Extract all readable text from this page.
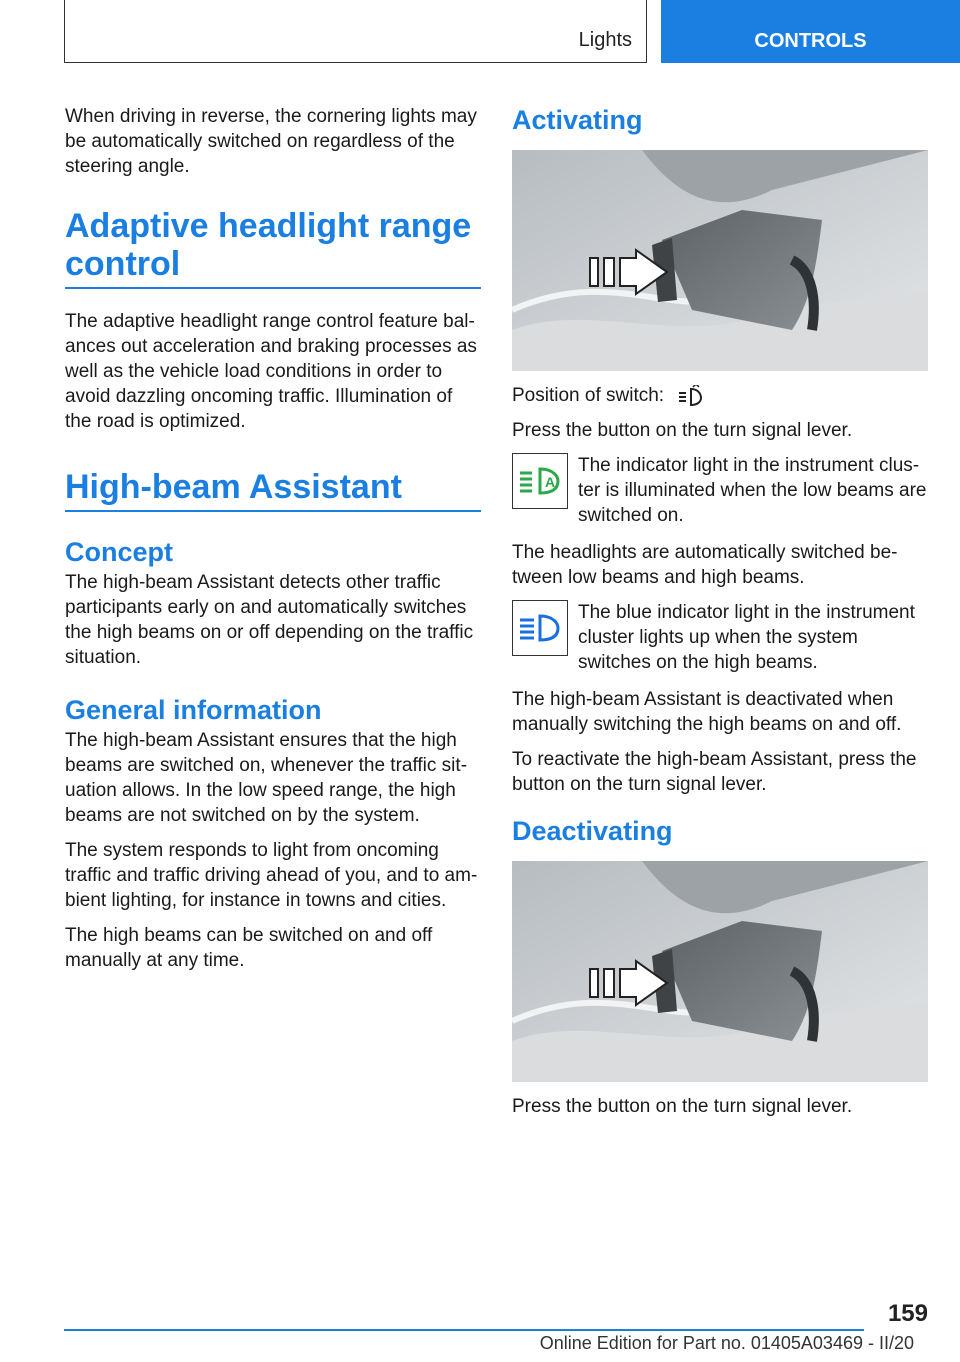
Lights	CONTROLS

When driving in reverse, the cornering lights may be automatically switched on regardless of the steering angle.

Adaptive headlight range control

The adaptive headlight range control feature balances out acceleration and braking processes as well as the vehicle load conditions in order to avoid dazzling oncoming traffic. Illumination of the road is optimized.

High-beam Assistant
Concept

The high-beam Assistant detects other traffic participants early on and automatically switches the high beams on or off depending on the traffic situation.

General information

The high-beam Assistant ensures that the high beams are switched on, whenever the traffic situation allows. In the low speed range, the high beams are not switched on by the system.

The system responds to light from oncoming traffic and traffic driving ahead of you, and to ambient lighting, for instance in towns and cities.

The high beams can be switched on and off manually at any time.

Activating

Position of switch:

Press the button on the turn signal lever.

A
The indicator light in the instrument cluster is illuminated when the low beams are switched on.

The headlights are automatically switched between low beams and high beams.

The blue indicator light in the instrument cluster lights up when the system switches on the high beams.

The high-beam Assistant is deactivated when manually switching the high beams on and off.

To reactivate the high-beam Assistant, press the button on the turn signal lever.

Deactivating

Press the button on the turn signal lever.

159
Online Edition for Part no. 01405A03469 - II/20
